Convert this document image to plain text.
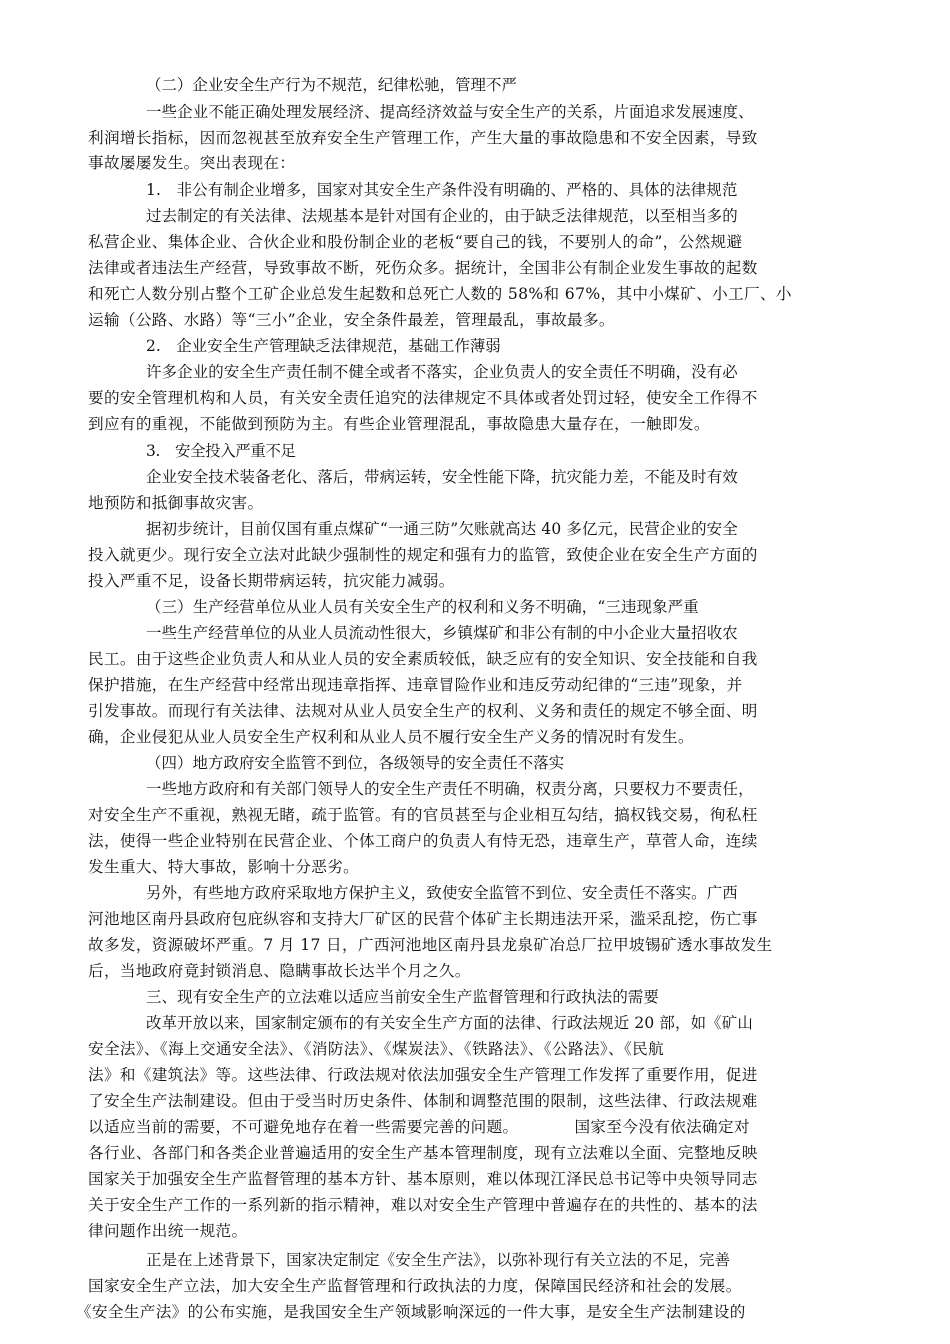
（二）企业安全生产行为不规范，纪律松驰，管理不严
一些企业不能正确处理发展经济、提高经济效益与安全生产的关系，片面追求发展速度、
利润增长指标，因而忽视甚至放弃安全生产管理工作，产生大量的事故隐患和不安全因素，导致
事故屡屡发生。突出表现在：
1.　非公有制企业增多，国家对其安全生产条件没有明确的、严格的、具体的法律规范
过去制定的有关法律、法规基本是针对国有企业的，由于缺乏法律规范，以至相当多的
私营企业、集体企业、合伙企业和股份制企业的老板“要自己的钱，不要别人的命”，公然规避
法律或者违法生产经营，导致事故不断，死伤众多。据统计，全国非公有制企业发生事故的起数
和死亡人数分别占整个工矿企业总发生起数和总死亡人数的 58%和 67%，其中小煤矿、小工厂、小
运输（公路、水路）等“三小”企业，安全条件最差，管理最乱，事故最多。
2.　企业安全生产管理缺乏法律规范，基础工作薄弱
许多企业的安全生产责任制不健全或者不落实，企业负责人的安全责任不明确，没有必
要的安全管理机构和人员，有关安全责任追究的法律规定不具体或者处罚过轻，使安全工作得不
到应有的重视，不能做到预防为主。有些企业管理混乱，事故隐患大量存在，一触即发。
3.　安全投入严重不足
企业安全技术装备老化、落后，带病运转，安全性能下降，抗灾能力差，不能及时有效
地预防和抵御事故灾害。
据初步统计，目前仅国有重点煤矿“一通三防”欠账就高达 40 多亿元，民营企业的安全
投入就更少。现行安全立法对此缺少强制性的规定和强有力的监管，致使企业在安全生产方面的
投入严重不足，设备长期带病运转，抗灾能力减弱。
（三）生产经营单位从业人员有关安全生产的权利和义务不明确，“三违现象严重
一些生产经营单位的从业人员流动性很大，乡镇煤矿和非公有制的中小企业大量招收农
民工。由于这些企业负责人和从业人员的安全素质较低，缺乏应有的安全知识、安全技能和自我
保护措施，在生产经营中经常出现违章指挥、违章冒险作业和违反劳动纪律的“三违”现象，并
引发事故。而现行有关法律、法规对从业人员安全生产的权利、义务和责任的规定不够全面、明
确，企业侵犯从业人员安全生产权利和从业人员不履行安全生产义务的情况时有发生。
（四）地方政府安全监管不到位，各级领导的安全责任不落实
一些地方政府和有关部门领导人的安全生产责任不明确，权责分离，只要权力不要责任，
对安全生产不重视，熟视无睹，疏于监管。有的官员甚至与企业相互勾结，搞权钱交易，徇私枉
法，使得一些企业特别在民营企业、个体工商户的负责人有恃无恐，违章生产，草菅人命，连续
发生重大、特大事故，影响十分恶劣。
另外，有些地方政府采取地方保护主义，致使安全监管不到位、安全责任不落实。广西
河池地区南丹县政府包庇纵容和支持大厂矿区的民营个体矿主长期违法开采，滥采乱挖，伤亡事
故多发，资源破坏严重。7 月 17 日，广西河池地区南丹县龙泉矿冶总厂拉甲坡锡矿透水事故发生
后，当地政府竟封锁消息、隐瞒事故长达半个月之久。
三、现有安全生产的立法难以适应当前安全生产监督管理和行政执法的需要
改革开放以来，国家制定颁布的有关安全生产方面的法律、行政法规近 20 部，如《矿山
安全法》、《海上交通安全法》、《消防法》、《煤炭法》、《铁路法》、《公路法》、《民航
法》和《建筑法》等。这些法律、行政法规对依法加强安全生产管理工作发挥了重要作用，促进
了安全生产法制建设。但由于受当时历史条件、体制和调整范围的限制，这些法律、行政法规难
以适应当前的需要，不可避免地存在着一些需要完善的问题。　　　　国家至今没有依法确定对
各行业、各部门和各类企业普遍适用的安全生产基本管理制度，现有立法难以全面、完整地反映
国家关于加强安全生产监督管理的基本方针、基本原则，难以体现江泽民总书记等中央领导同志
关于安全生产工作的一系列新的指示精神，难以对安全生产管理中普遍存在的共性的、基本的法
律问题作出统一规范。
正是在上述背景下，国家决定制定《安全生产法》，以弥补现行有关立法的不足，完善
国家安全生产立法，加大安全生产监督管理和行政执法的力度，保障国民经济和社会的发展。
《安全生产法》的公布实施，是我国安全生产领域影响深远的一件大事，是安全生产法制建设的
